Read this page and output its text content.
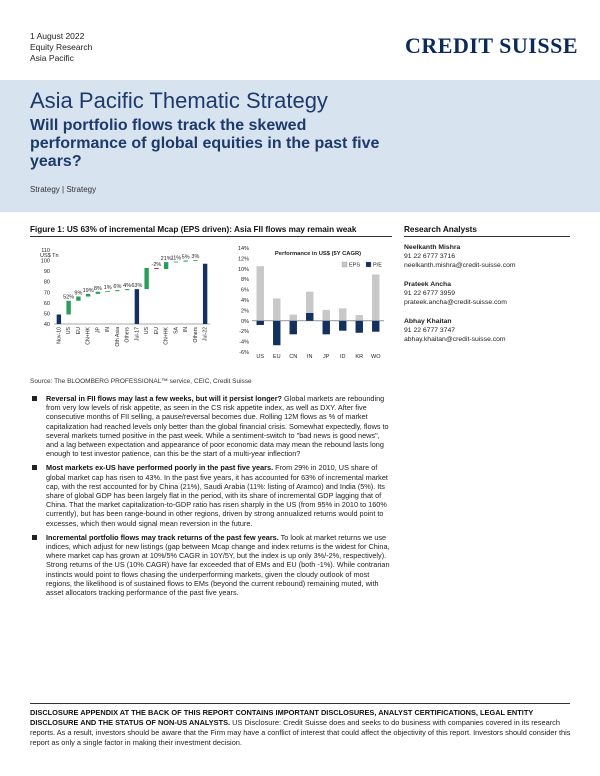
1 August 2022
Equity Research
Asia Pacific	CREDIT SUISSE
Asia Pacific Thematic Strategy
Will portfolio flows track the skewed performance of global equities in the past five years?
Strategy | Strategy
Figure 1: US 63% of incremental Mcap (EPS driven): Asia FII flows may remain weak
US$ Tn
40
50
60
70
80
90
100
110
Nov-10
52%
US
9%
EU
19%
CN+HK
8%
JP
1%
IN
6%
Oth Asia
4%
Others
63%
Jul-17 US
-2%
EU
21%
CN+HK
11%
SA
5%
IN
3%
Others Jul-22
-6%
-4%
-2%
0%
2%
4%
6%
8%
10%
12%
14%
Performance in US$ (5Y CAGR)
EPS P/E
US EU CN IN JP ID KR WO
Source: The BLOOMBERG PROFESSIONAL™ service, CEIC, Credit Suisse
Research Analysts
Neelkanth Mishra
91 22 6777 3716
neelkanth.mishra@credit-suisse.com
Prateek Ancha
91 22 6777 3959
prateek.ancha@credit-suisse.com
Abhay Khaitan
91 22 6777 3747
abhay.khaitan@credit-suisse.com
Reversal in FII flows may last a few weeks, but will it persist longer? Global markets are rebounding from very low levels of risk appetite, as seen in the CS risk appetite index, as well as DXY. After five consecutive months of FII selling, a pause/reversal becomes due. Rolling 12M flows as % of market capitalization had reached levels only better than the global financial crisis. Somewhat expectedly, flows to several markets turned positive in the past week. While a sentiment-switch to "bad news is good news", and a lag between expectation and appearance of poor economic data may mean the rebound lasts long enough to test investor patience, can this be the start of a multi-year inflection?
Most markets ex-US have performed poorly in the past five years. From 29% in 2010, US share of global market cap has risen to 43%. In the past five years, it has accounted for 63% of incremental market cap, with the rest accounted for by China (21%), Saudi Arabia (11%: listing of Aramco) and India (5%). Its share of global GDP has been largely flat in the period, with its share of incremental GDP lagging that of China. That the market capitalization-to-GDP ratio has risen sharply in the US (from 95% in 2010 to 160% currently), but has been range-bound in other regions, driven by strong annualized returns would point to excesses, which then would signal mean reversion in the future.
Incremental portfolio flows may track returns of the past few years. To look at market returns we use indices, which adjust for new listings (gap between Mcap change and index returns is the widest for China, where market cap has grown at 10%/5% CAGR in 10Y/5Y, but the index is up only 3%/-2%, respectively). Strong returns of the US (10% CAGR) have far exceeded that of EMs and EU (both -1%). While contrarian instincts would point to flows chasing the underperforming markets, given the cloudy outlook of most regions, the likelihood is of sustained flows to EMs (beyond the current rebound) remaining muted, with asset allocators tracking performance of the past five years.
DISCLOSURE APPENDIX AT THE BACK OF THIS REPORT CONTAINS IMPORTANT DISCLOSURES, ANALYST CERTIFICATIONS, LEGAL ENTITY DISCLOSURE AND THE STATUS OF NON-US ANALYSTS. US Disclosure: Credit Suisse does and seeks to do business with companies covered in its research reports. As a result, investors should be aware that the Firm may have a conflict of interest that could affect the objectivity of this report. Investors should consider this report as only a single factor in making their investment decision.
